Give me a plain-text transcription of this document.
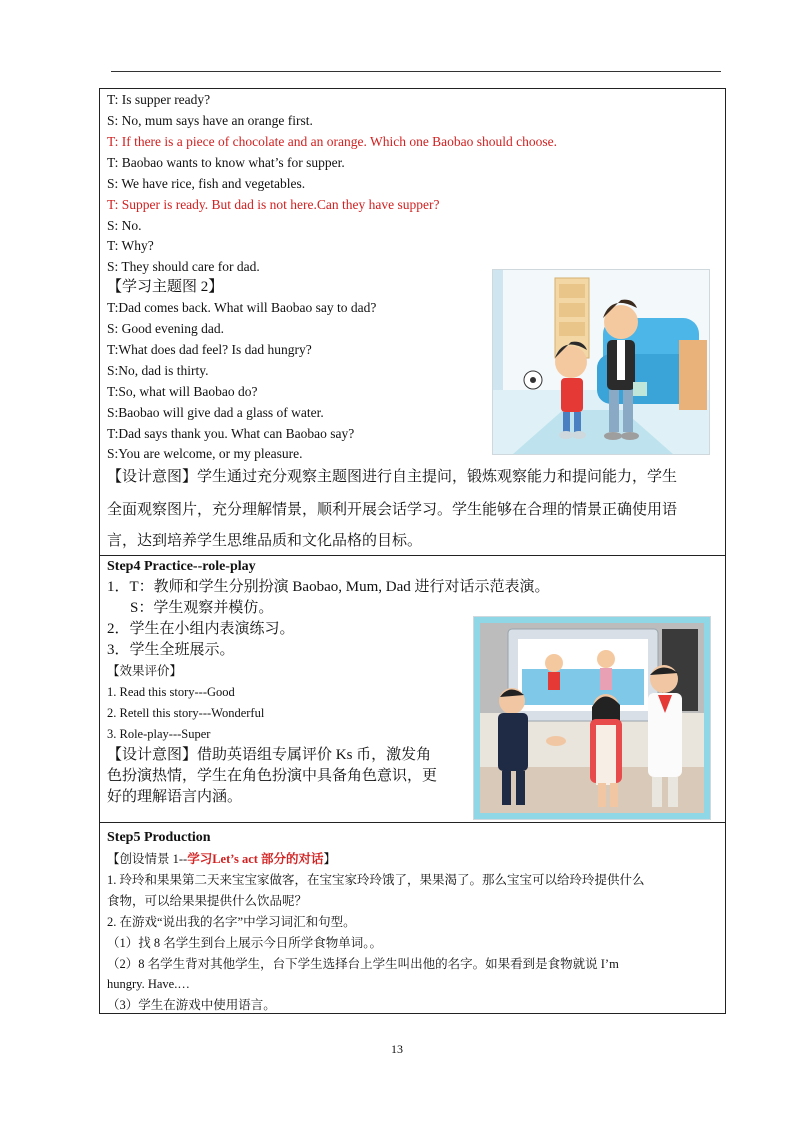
T: Is supper ready?
S: No, mum says have an orange first.
T: If there is a piece of chocolate and an orange. Which one Baobao should choose.
T: Baobao wants to know what’s for supper.
S: We have rice, fish and vegetables.
T: Supper is ready. But dad is not here.Can they have supper?
S: No.
T: Why?
S: They should care for dad.
【学习主题图 2】
T:Dad comes back. What will Baobao say to dad?
S: Good evening dad.
T:What does dad feel? Is dad hungry?
S:No, dad is thirty.
T:So, what will Baobao do?
S:Baobao will give dad a glass of water.
T:Dad says thank you. What can Baobao say?
S:You are welcome, or my pleasure.
【设计意图】学生通过充分观察主题图进行自主提问，锻炼观察能力和提问能力，学生
全面观察图片，充分理解情景，顺利开展会话学习。学生能够在合理的情景正确使用语
言，达到培养学生思维品质和文化品格的目标。
Step4 Practice--role-play
1．T：教师和学生分别扮演 Baobao, Mum, Dad 进行对话示范表演。
S：学生观察并模仿。
2．学生在小组内表演练习。
3．学生全班展示。
【效果评价】
1. Read this story---Good
2. Retell this story---Wonderful
3. Role-play---Super
【设计意图】借助英语组专属评价 Ks 币，激发角
色扮演热情，学生在角色扮演中具备角色意识，更
好的理解语言内涵。
Step5 Production
【创设情景 1--学习Let’s act 部分的对话】
1. 玲玲和果果第二天来宝宝家做客，在宝宝家玲玲饿了，果果渴了。那么宝宝可以给玲玲提供什么
食物，可以给果果提供什么饮品呢？
2. 在游戏“说出我的名字”中学习词汇和句型。
（1）找 8 名学生到台上展示今日所学食物单词。。
（2）8 名学生背对其他学生，台下学生选择台上学生叫出他的名字。如果看到是食物就说 I’m
hungry. Have.…
（3）学生在游戏中使用语言。
13
